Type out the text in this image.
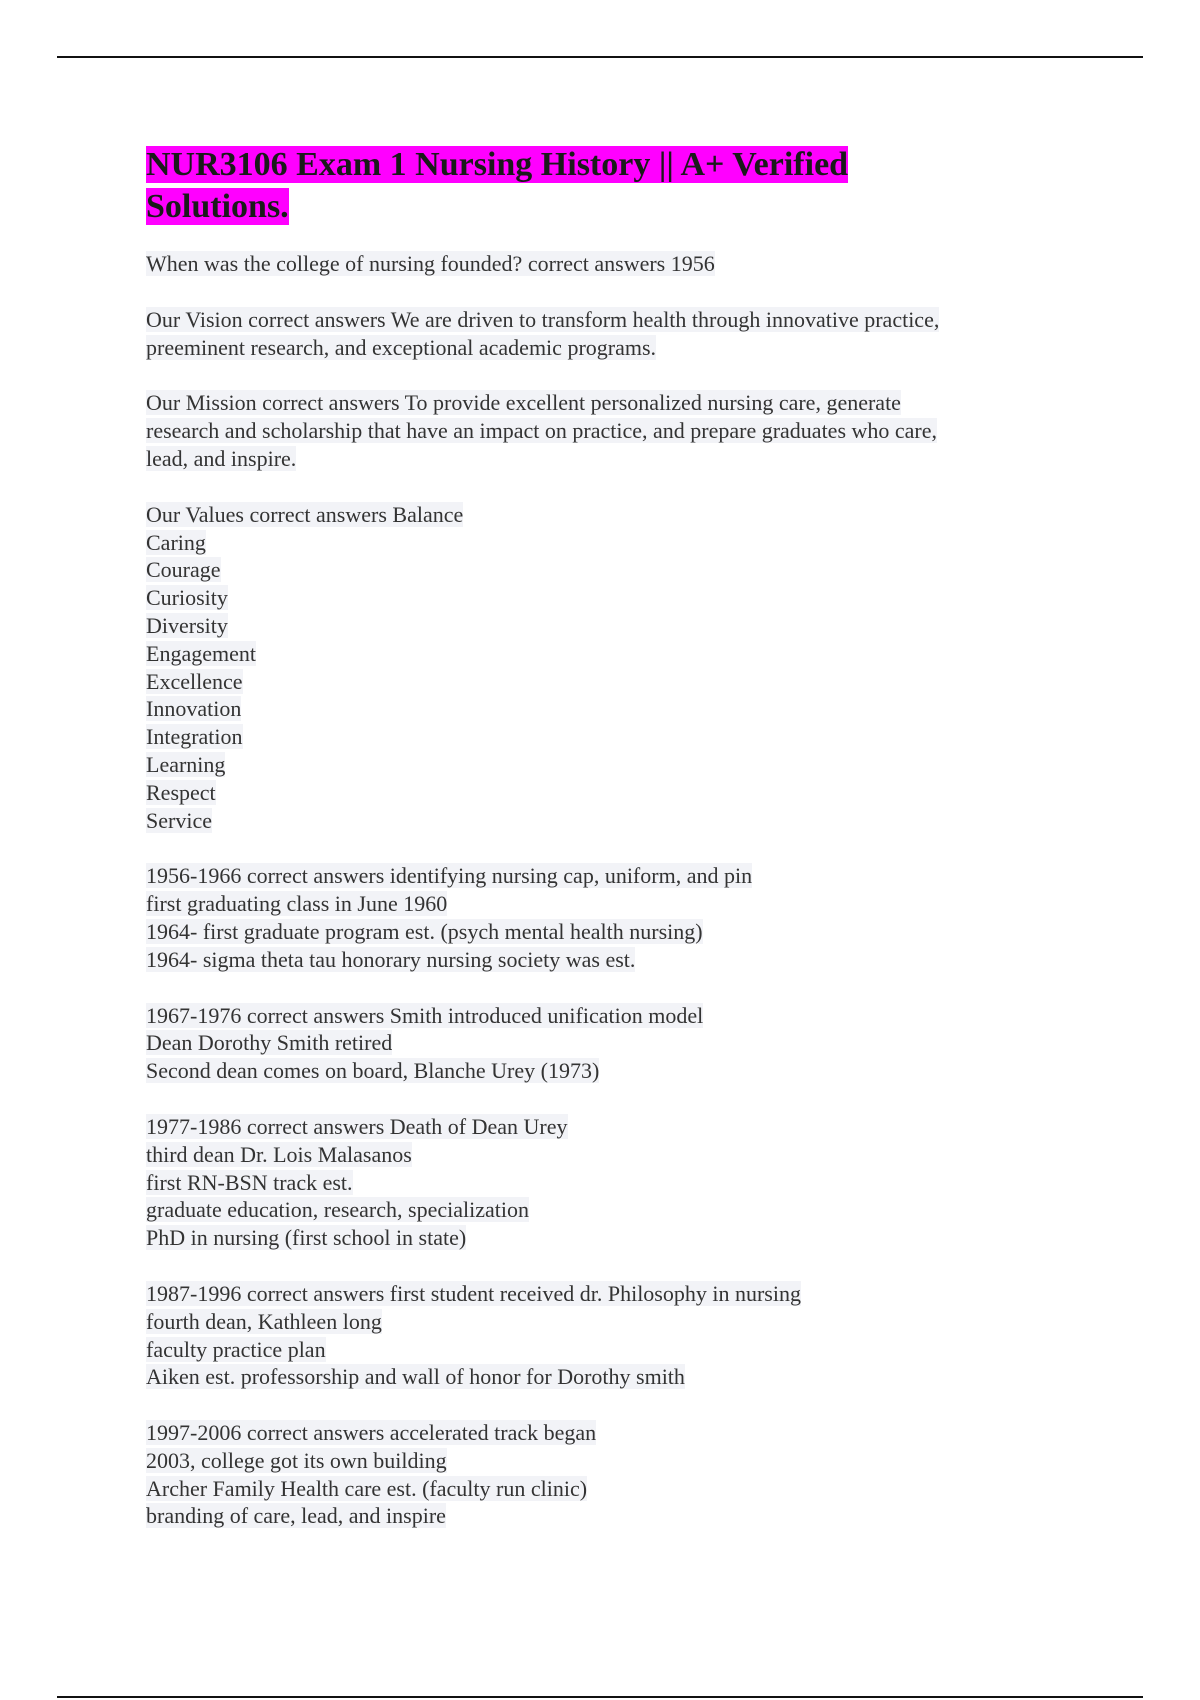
NUR3106 Exam 1 Nursing History || A+ Verified
Solutions.
When was the college of nursing founded? correct answers 1956
Our Vision correct answers We are driven to transform health through innovative practice,
preeminent research, and exceptional academic programs.
Our Mission correct answers To provide excellent personalized nursing care, generate
research and scholarship that have an impact on practice, and prepare graduates who care,
lead, and inspire.
Our Values correct answers Balance
Caring
Courage
Curiosity
Diversity
Engagement
Excellence
Innovation
Integration
Learning
Respect
Service
1956-1966 correct answers identifying nursing cap, uniform, and pin
first graduating class in June 1960
1964- first graduate program est. (psych mental health nursing)
1964- sigma theta tau honorary nursing society was est.
1967-1976 correct answers Smith introduced unification model
Dean Dorothy Smith retired
Second dean comes on board, Blanche Urey (1973)
1977-1986 correct answers Death of Dean Urey
third dean Dr. Lois Malasanos
first RN-BSN track est.
graduate education, research, specialization
PhD in nursing (first school in state)
1987-1996 correct answers first student received dr. Philosophy in nursing
fourth dean, Kathleen long
faculty practice plan
Aiken est. professorship and wall of honor for Dorothy smith
1997-2006 correct answers accelerated track began
2003, college got its own building
Archer Family Health care est. (faculty run clinic)
branding of care, lead, and inspire
